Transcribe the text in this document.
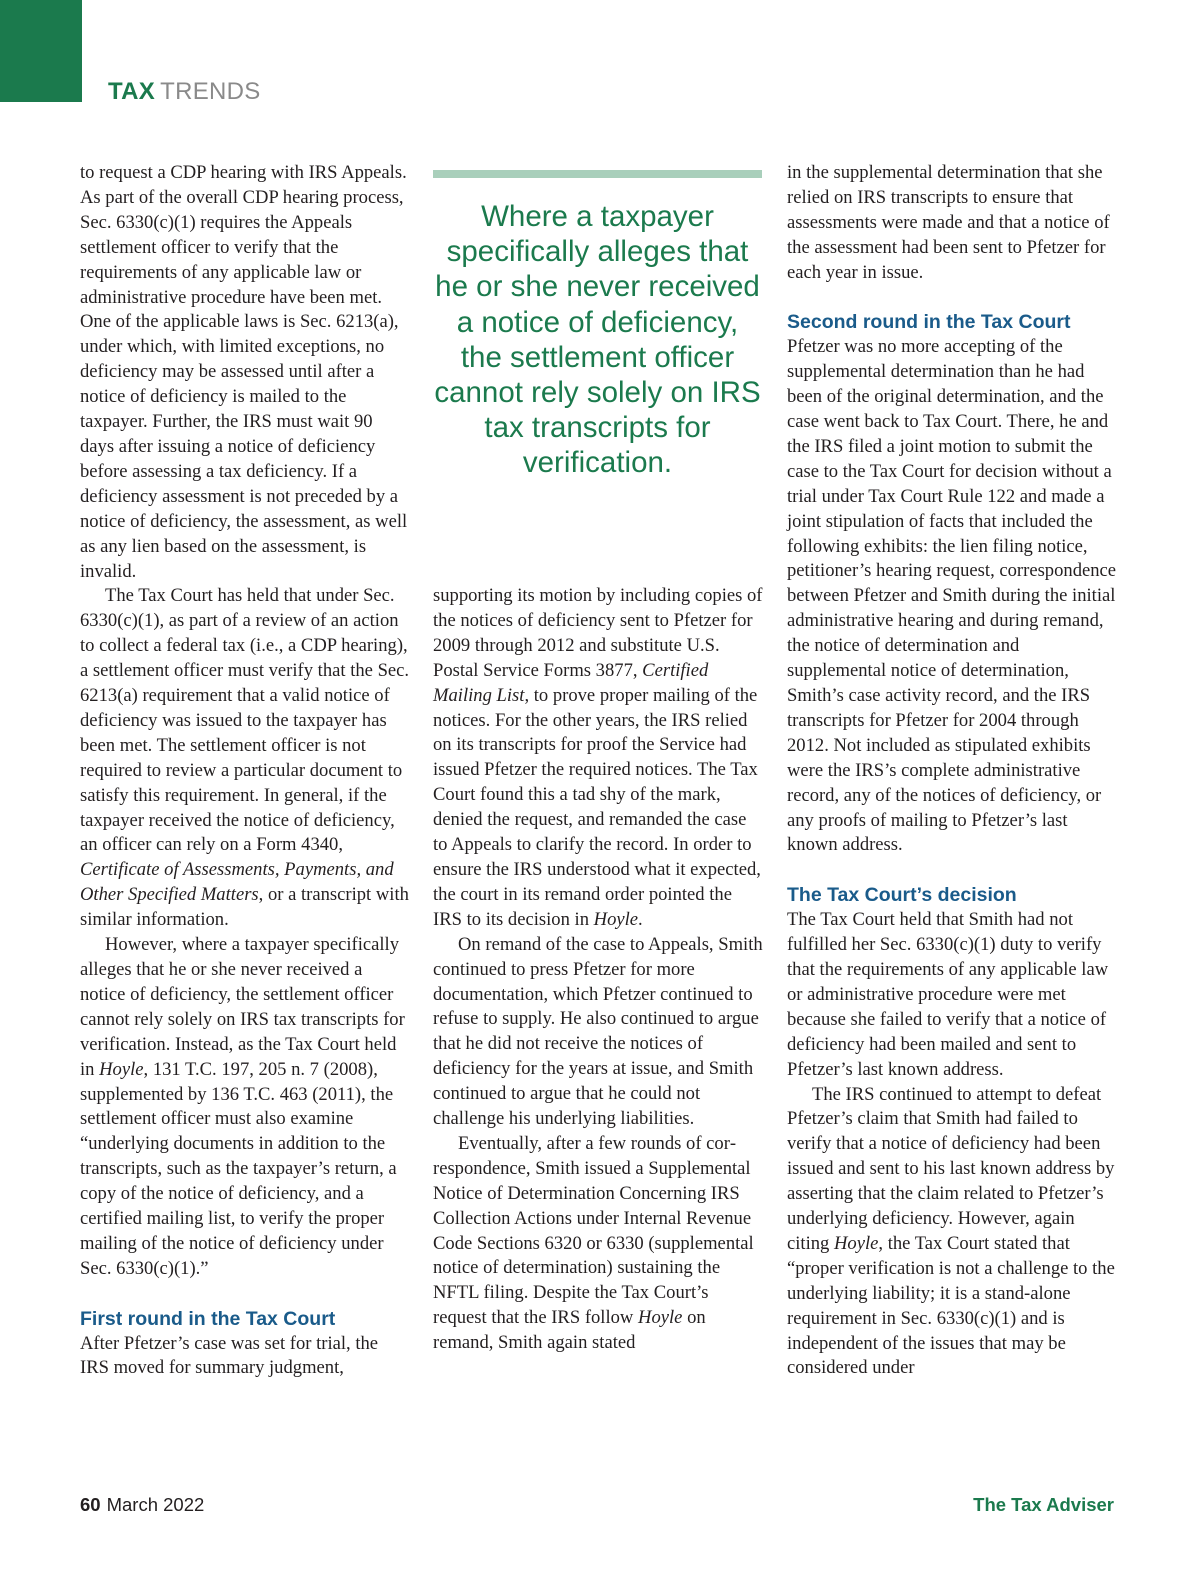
TAX TRENDS

to request a CDP hearing with IRS Appeals. As part of the overall CDP hearing process, Sec. 6330(c)(1) requires the Appeals settlement officer to verify that the requirements of any applicable law or administrative procedure have been met. One of the applicable laws is Sec. 6213(a), under which, with limited exceptions, no deficiency may be assessed until after a notice of deficiency is mailed to the taxpayer. Further, the IRS must wait 90 days after issuing a notice of deficiency before assessing a tax deficiency. If a deficiency assessment is not preceded by a notice of deficiency, the assessment, as well as any lien based on the assessment, is invalid.

The Tax Court has held that under Sec. 6330(c)(1), as part of a review of an action to collect a federal tax (i.e., a CDP hearing), a settlement officer must verify that the Sec. 6213(a) requirement that a valid notice of deficiency was issued to the taxpayer has been met. The settlement officer is not required to review a particular document to satisfy this requirement. In general, if the taxpayer received the notice of deficiency, an officer can rely on a Form 4340, Certificate of Assessments, Payments, and Other Specified Matters, or a transcript with similar information.

However, where a taxpayer specifically alleges that he or she never received a notice of deficiency, the settlement officer cannot rely solely on IRS tax transcripts for verification. Instead, as the Tax Court held in Hoyle, 131 T.C. 197, 205 n. 7 (2008), supplemented by 136 T.C. 463 (2011), the settlement officer must also examine “underlying documents in addition to the transcripts, such as the taxpayer’s return, a copy of the notice of deficiency, and a certified mailing list, to verify the proper mailing of the notice of deficiency under Sec. 6330(c)(1).”

First round in the Tax Court

After Pfetzer’s case was set for trial, the IRS moved for summary judgment,

Where a taxpayer specifically alleges that he or she never received a notice of deficiency, the settlement officer cannot rely solely on IRS tax transcripts for verification.

supporting its motion by including copies of the notices of deficiency sent to Pfetzer for 2009 through 2012 and substitute U.S. Postal Service Forms 3877, Certified Mailing List, to prove proper mailing of the notices. For the other years, the IRS relied on its transcripts for proof the Service had issued Pfetzer the required notices. The Tax Court found this a tad shy of the mark, denied the request, and remanded the case to Appeals to clarify the record. In order to ensure the IRS understood what it expected, the court in its remand order pointed the IRS to its decision in Hoyle.

On remand of the case to Appeals, Smith continued to press Pfetzer for more documentation, which Pfetzer continued to refuse to supply. He also continued to argue that he did not receive the notices of deficiency for the years at issue, and Smith continued to argue that he could not challenge his underlying liabilities.

Eventually, after a few rounds of correspondence, Smith issued a Supplemental Notice of Determination Concerning IRS Collection Actions under Internal Revenue Code Sections 6320 or 6330 (supplemental notice of determination) sustaining the NFTL filing. Despite the Tax Court’s request that the IRS follow Hoyle on remand, Smith again stated

in the supplemental determination that she relied on IRS transcripts to ensure that assessments were made and that a notice of the assessment had been sent to Pfetzer for each year in issue.

Second round in the Tax Court

Pfetzer was no more accepting of the supplemental determination than he had been of the original determination, and the case went back to Tax Court. There, he and the IRS filed a joint motion to submit the case to the Tax Court for decision without a trial under Tax Court Rule 122 and made a joint stipulation of facts that included the following exhibits: the lien filing notice, petitioner’s hearing request, correspondence between Pfetzer and Smith during the initial administrative hearing and during remand, the notice of determination and supplemental notice of determination, Smith’s case activity record, and the IRS transcripts for Pfetzer for 2004 through 2012. Not included as stipulated exhibits were the IRS’s complete administrative record, any of the notices of deficiency, or any proofs of mailing to Pfetzer’s last known address.

The Tax Court’s decision

The Tax Court held that Smith had not fulfilled her Sec. 6330(c)(1) duty to verify that the requirements of any applicable law or administrative procedure were met because she failed to verify that a notice of deficiency had been mailed and sent to Pfetzer’s last known address.

The IRS continued to attempt to defeat Pfetzer’s claim that Smith had failed to verify that a notice of deficiency had been issued and sent to his last known address by asserting that the claim related to Pfetzer’s underlying deficiency. However, again citing Hoyle, the Tax Court stated that “proper verification is not a challenge to the underlying liability; it is a stand-alone requirement in Sec. 6330(c)(1) and is independent of the issues that may be considered under

60 March 2022	The Tax Adviser
